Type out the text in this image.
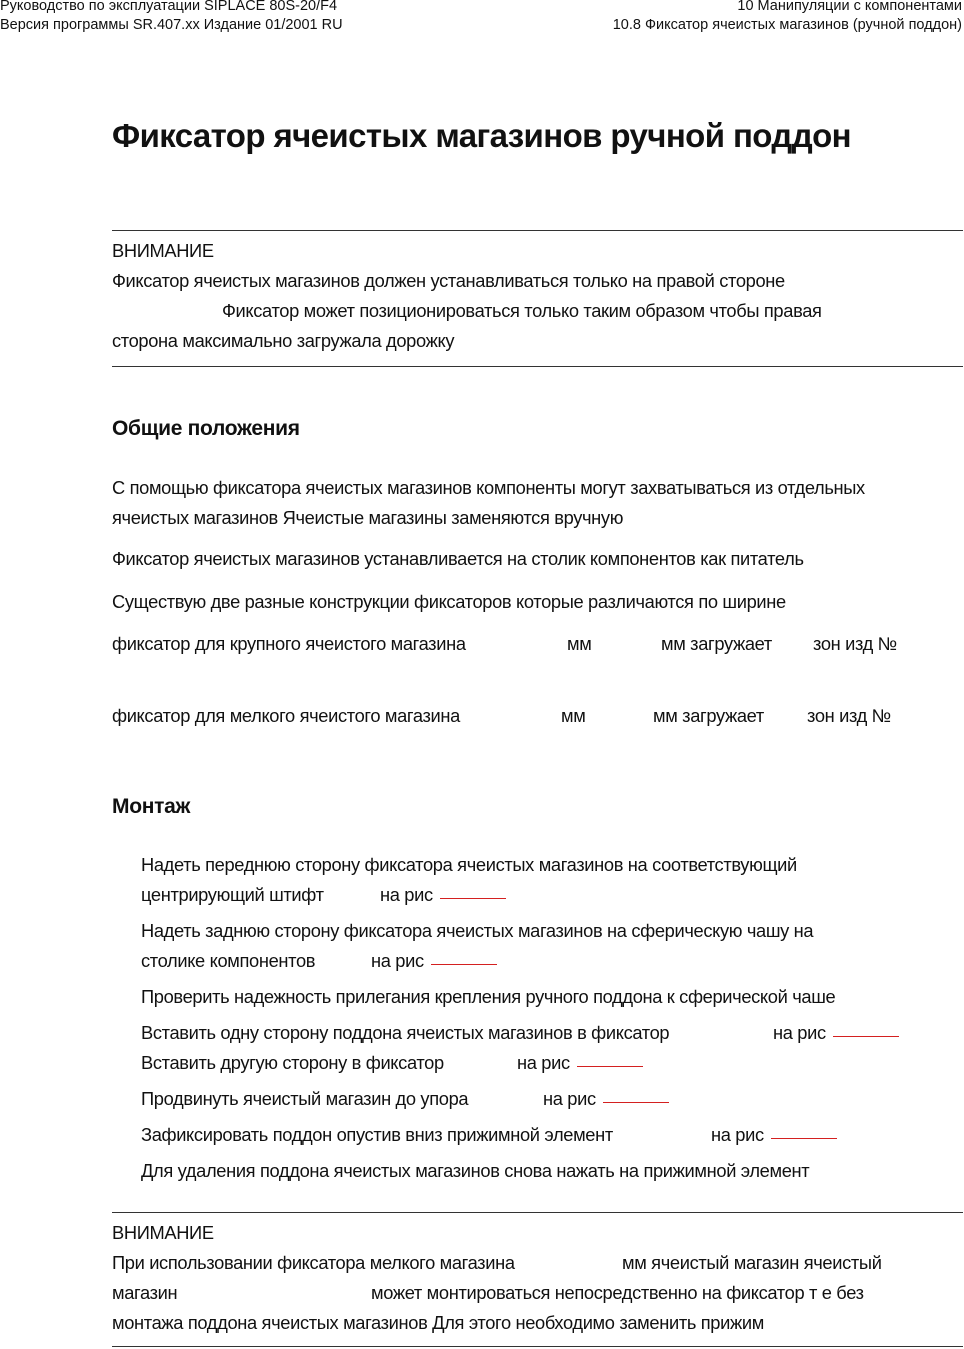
Руководство по эксплуатации SIPLACE 80S-20/F4
Версия программы SR.407.xx Издание 01/2001 RU
10 Манипуляции с компонентами
10.8 Фиксатор ячеистых магазинов (ручной поддон)
Фиксатор ячеистых магазинов ручной поддон
ВНИМАНИЕ
Фиксатор ячеистых магазинов должен устанавливаться только на правой стороне
Фиксатор может позиционироваться только таким образом чтобы правая
сторона максимально загружала дорожку
Общие положения
С помощью фиксатора ячеистых магазинов компоненты могут захватываться из отдельных
ячеистых магазинов Ячеистые магазины заменяются вручную
Фиксатор ячеистых магазинов устанавливается на столик компонентов как питатель
Существую две разные конструкции фиксаторов которые различаются по ширине
фиксатор для крупного ячеистого магазина	мм	мм загружает зон изд №
фиксатор для мелкого ячеистого магазина	мм	мм загружает зон изд №
Монтаж
Надеть переднюю сторону фиксатора ячеистых магазинов на соответствующий
центрирующий штифт	на рис
Надеть заднюю сторону фиксатора ячеистых магазинов на сферическую чашу на
столике компонентов	на рис
Проверить надежность прилегания крепления ручного поддона к сферической чаше
Вставить одну сторону поддона ячеистых магазинов в фиксатор	на рис
Вставить другую сторону в фиксатор	на рис
Продвинуть ячеистый магазин до упора	на рис
Зафиксировать поддон опустив вниз прижимной элемент	на рис
Для удаления поддона ячеистых магазинов снова нажать на прижимной элемент
ВНИМАНИЕ
При использовании фиксатора мелкого магазина	мм ячеистый магазин ячеистый
магазин	может монтироваться непосредственно на фиксатор т е без
монтажа поддона ячеистых магазинов Для этого необходимо заменить прижим
